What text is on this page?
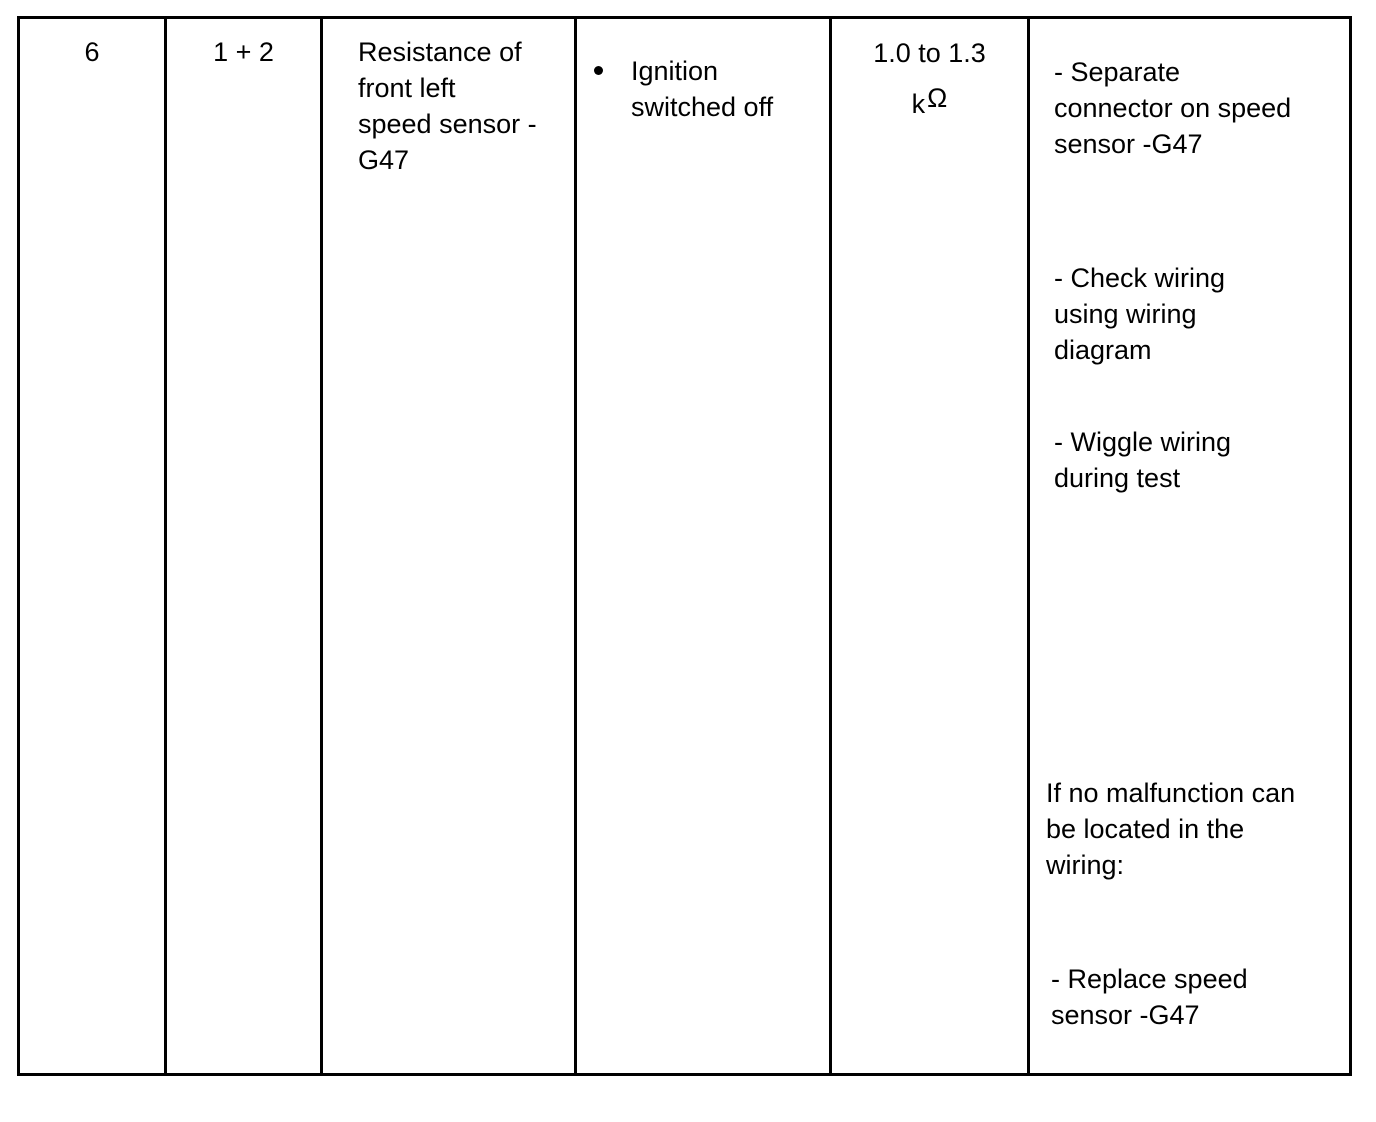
6	1 + 2	Resistance of
front left
speed sensor -
G47
Ignition
switched off
1.0 to 1.3
kΩ
- Separate
connector on speed
sensor -G47
- Check wiring
using wiring
diagram
- Wiggle wiring
during test
If no malfunction can
be located in the
wiring:
- Replace speed
sensor -G47
